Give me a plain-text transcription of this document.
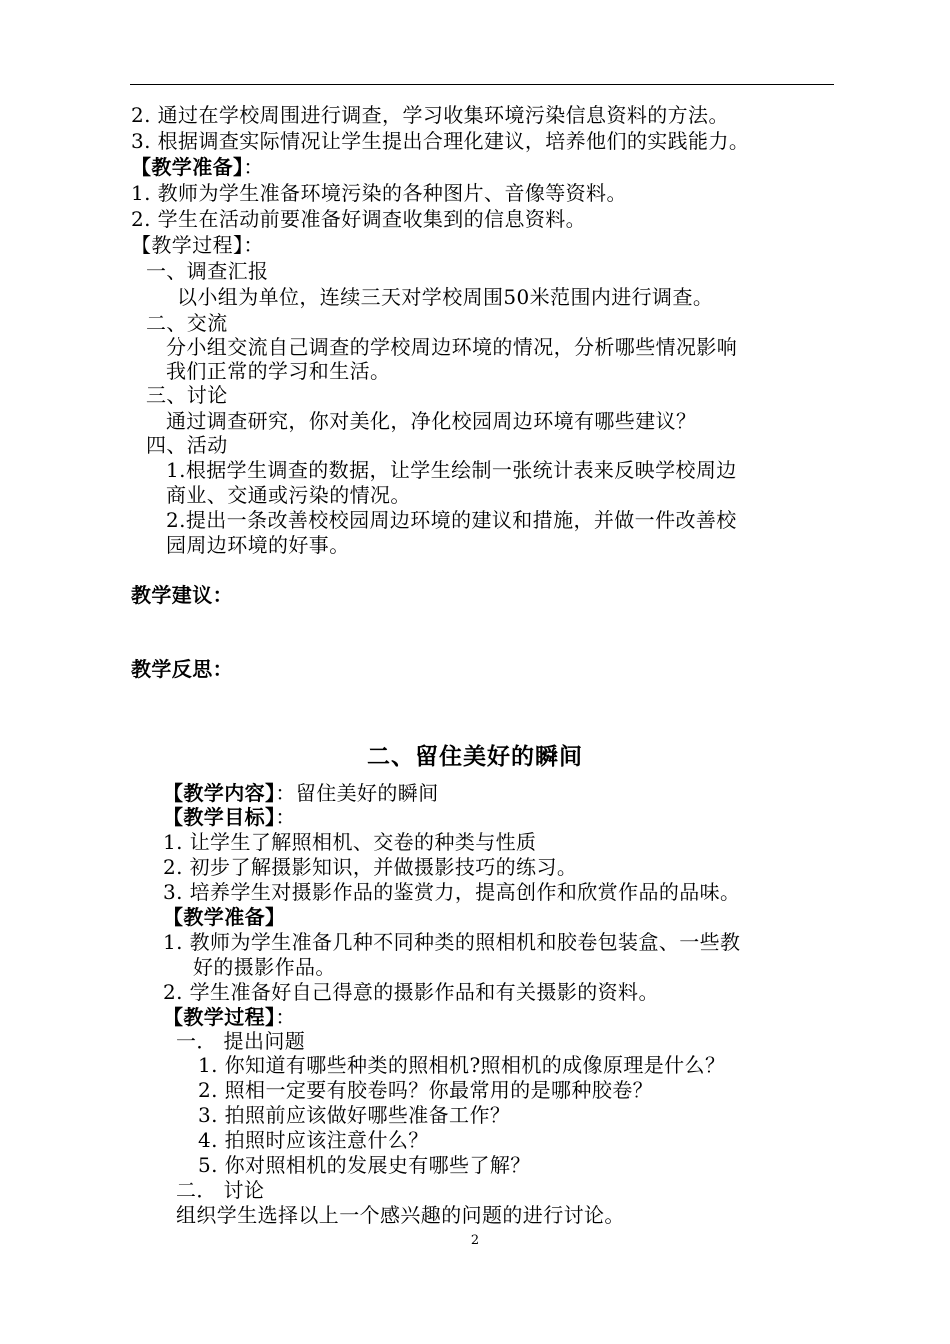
2. 通过在学校周围进行调查，学习收集环境污染信息资料的方法。
3. 根据调查实际情况让学生提出合理化建议，培养他们的实践能力。
【教学准备】：
1. 教师为学生准备环境污染的各种图片、音像等资料。
2. 学生在活动前要准备好调查收集到的信息资料。
【教学过程】：
一、调查汇报
以小组为单位，连续三天对学校周围50米范围内进行调查。
二、交流
分小组交流自己调查的学校周边环境的情况，分析哪些情况影响
我们正常的学习和生活。
三、讨论
通过调查研究，你对美化，净化校园周边环境有哪些建议？
四、活动
1.根据学生调查的数据，让学生绘制一张统计表来反映学校周边
商业、交通或污染的情况。
2.提出一条改善校校园周边环境的建议和措施，并做一件改善校
园周边环境的好事。
教学建议：
教学反思：
二、留住美好的瞬间
【教学内容】：留住美好的瞬间
【教学目标】：
1. 让学生了解照相机、交卷的种类与性质
2. 初步了解摄影知识，并做摄影技巧的练习。
3. 培养学生对摄影作品的鉴赏力，提高创作和欣赏作品的品味。
【教学准备】
1. 教师为学生准备几种不同种类的照相机和胶卷包装盒、一些教
好的摄影作品。
2. 学生准备好自己得意的摄影作品和有关摄影的资料。
【教学过程】：
一． 提出问题
1. 你知道有哪些种类的照相机?照相机的成像原理是什么？
2. 照相一定要有胶卷吗？你最常用的是哪种胶卷？
3. 拍照前应该做好哪些准备工作？
4. 拍照时应该注意什么？
5. 你对照相机的发展史有哪些了解？
二． 讨论
组织学生选择以上一个感兴趣的问题的进行讨论。
2
